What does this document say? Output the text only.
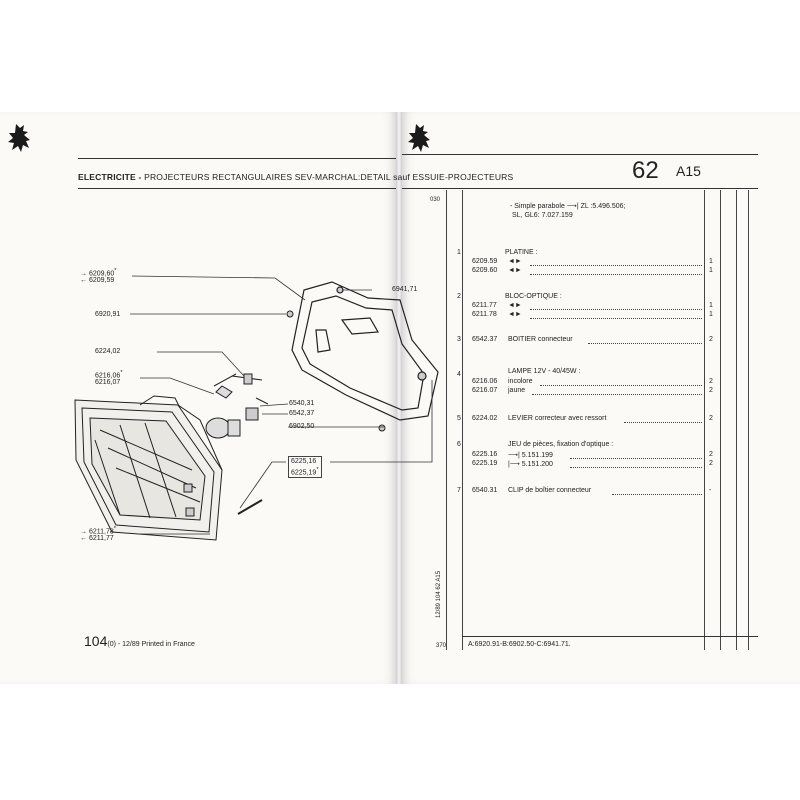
ELECTRICITE - PROJECTEURS RECTANGULAIRES SEV-MARCHAL:DETAIL sauf ESSUIE-PROJECTEURS	62 A15
→ 6209,60*
← 6209,59
6920,91
6224,02
6216,06*
6216,07
6941,71
6540,31
6542,37
6902,50
6225,16
6225,19*
→ 6211,78*
← 6211,77
104(0) - 12/89 Printed in France
030
- Simple parabole ⟶| ZL :5.496.506;
SL, GL6: 7.027.159
1	PLATINE :
6209.59 ◄►	1
6209.60 ◄►	1
2	BLOC-OPTIQUE :
6211.77 ◄►	1
6211.78 ◄►	1
3 6542.37 BOITIER connecteur	2
4	LAMPE 12V - 40/45W :
6216.06 incolore	2
6216.07 jaune	2
5 6224.02 LEVIER correcteur avec ressort	2
6	JEU de pièces, fixation d'optique :
6225.16 ⟶| 5.151.199	2
6225.19 |⟶ 5.151.200	2
7 6540.31 CLIP de boîtier connecteur	-
12/89 104 62 A15
370	A:6920.91-B:6902.50-C:6941.71.
